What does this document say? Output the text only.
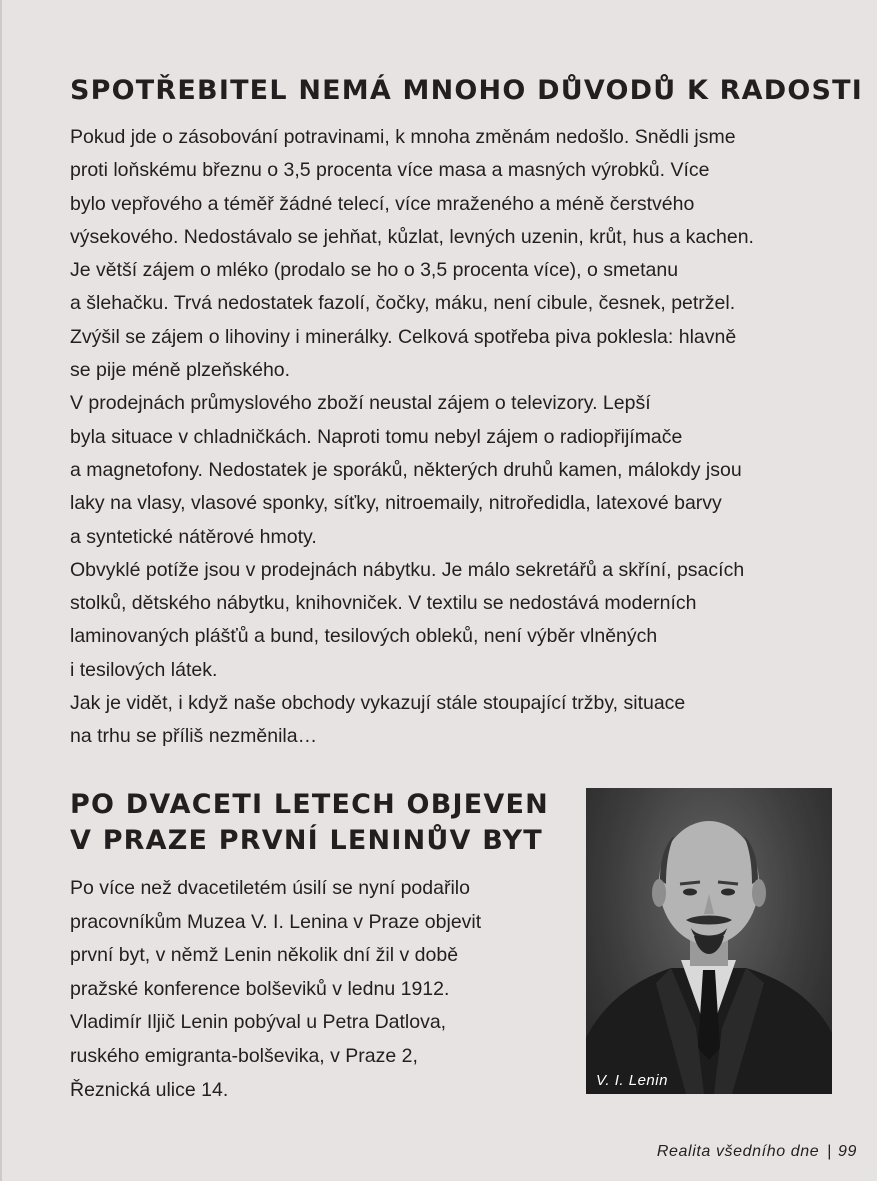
SPOTŘEBITEL NEMÁ MNOHO DŮVODŮ K RADOSTI

Pokud jde o zásobování potravinami, k mnoha změnám nedošlo. Snědli jsme

proti loňskému březnu o 3,5 procenta více masa a masných výrobků. Více

bylo vepřového a téměř žádné telecí, více mraženého a méně čerstvého

výsekového. Nedostávalo se jehňat, kůzlat, levných uzenin, krůt, hus a kachen.

Je větší zájem o mléko (prodalo se ho o 3,5 procenta více), o smetanu

a šlehačku. Trvá nedostatek fazolí, čočky, máku, není cibule, česnek, petržel.

Zvýšil se zájem o lihoviny i minerálky. Celková spotřeba piva poklesla: hlavně

se pije méně plzeňského.

V prodejnách průmyslového zboží neustal zájem o televizory. Lepší

byla situace v chladničkách. Naproti tomu nebyl zájem o radiopřijímače

a magnetofony. Nedostatek je sporáků, některých druhů kamen, málokdy jsou

laky na vlasy, vlasové sponky, síťky, nitroemaily, nitroředidla, latexové barvy

a syntetické nátěrové hmoty.

Obvyklé potíže jsou v prodejnách nábytku. Je málo sekretářů a skříní, psacích

stolků, dětského nábytku, knihovniček. V textilu se nedostává moderních

laminovaných plášťů a bund, tesilových obleků, není výběr vlněných

i tesilových látek.

Jak je vidět, i když naše obchody vykazují stále stoupající tržby, situace

na trhu se příliš nezměnila…

PO DVACETI LETECH OBJEVEN
V PRAZE PRVNÍ LENINŮV BYT

Po více než dvacetiletém úsilí se nyní podařilo

pracovníkům Muzea V. I. Lenina v Praze objevit

první byt, v němž Lenin několik dní žil v době

pražské konference bolševiků v lednu 1912.

Vladimír Iljič Lenin pobýval u Petra Datlova,

ruského emigranta-bolševika, v Praze 2,

Řeznická ulice 14.	V. I. Lenin
Realita všedního dne | 99
